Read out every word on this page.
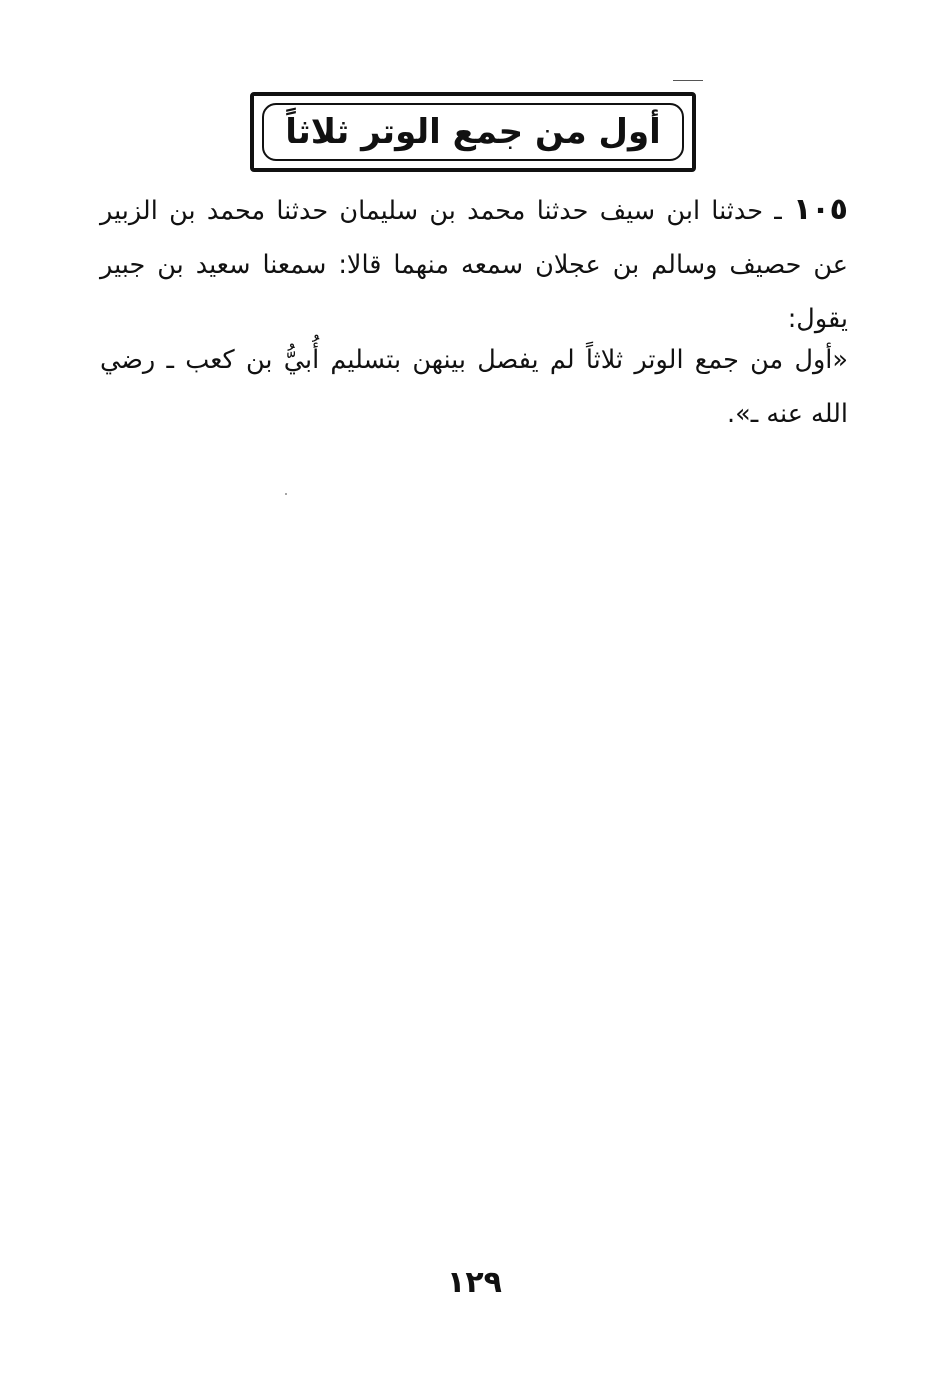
أول من جمع الوتر ثلاثاً
١٠٥ ـ حدثنا ابن سيف حدثنا محمد بن سليمان حدثنا محمد بن الزبير عن حصيف وسالم بن عجلان سمعه منهما قالا: سمعنا سعيد بن جبير يقول:
«أول من جمع الوتر ثلاثاً لم يفصل بينهن بتسليم أُبيُّ بن كعب ـ رضي الله عنه ـ».
١٢٩
